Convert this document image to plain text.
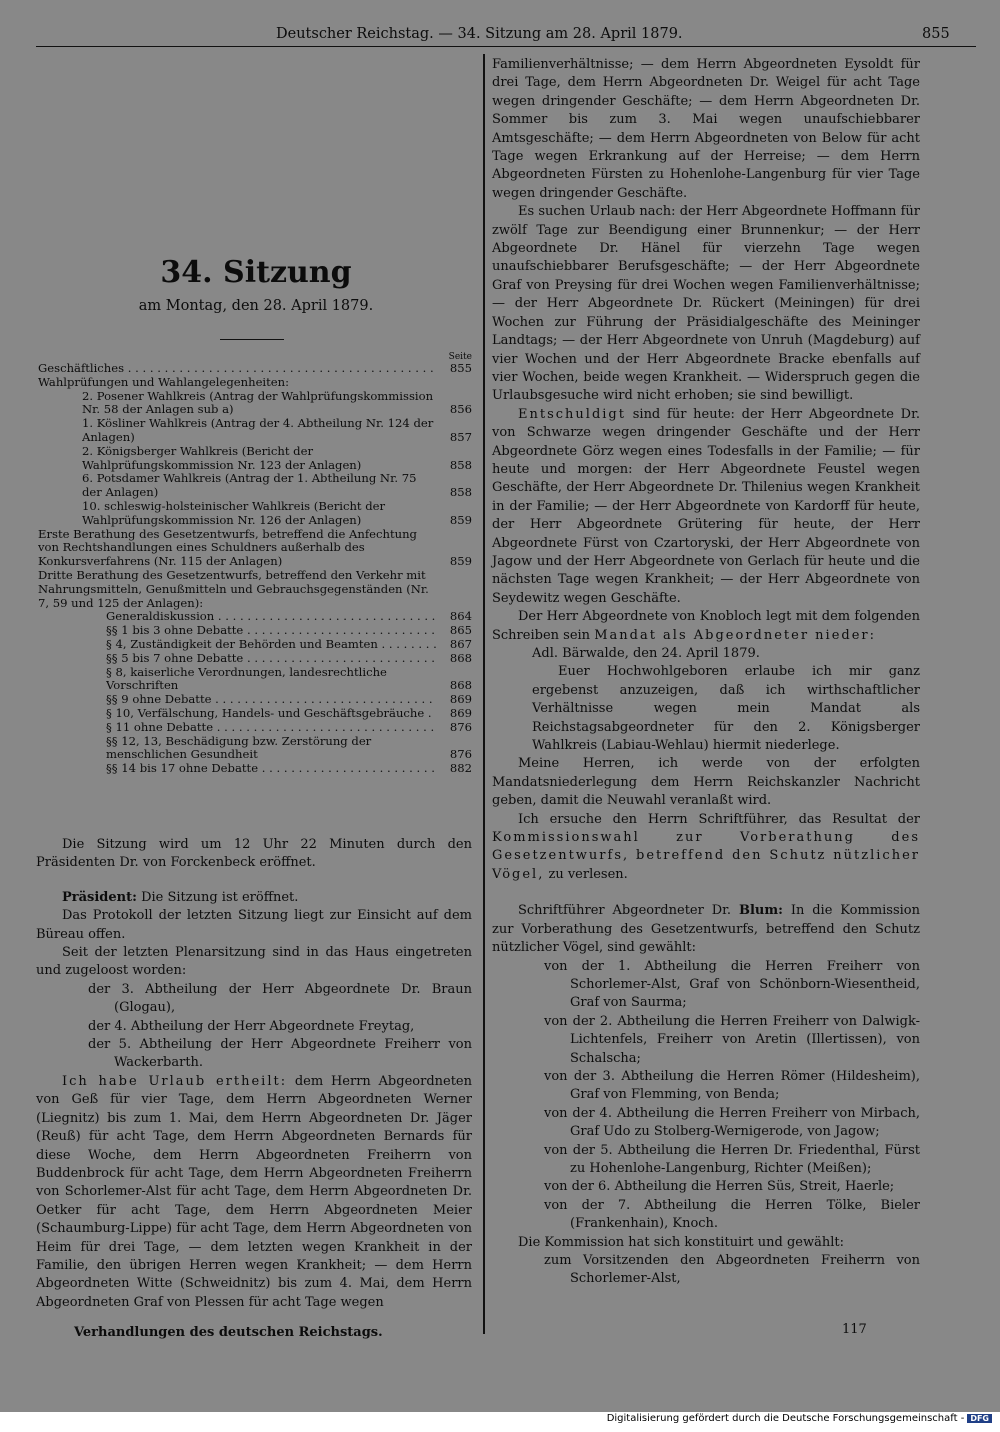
Deutscher Reichstag. — 34. Sitzung am 28. April 1879.	855
34. Sitzung
am Montag, den 28. April 1879.
Seite
Geschäftliches . . .	855
Wahlprüfungen und Wahlangelegenheiten:
2. Posener Wahlkreis (Antrag der Wahlprüfungskommission Nr. 58 der Anlagen sub a)	856
1. Kösliner Wahlkreis (Antrag der 4. Abtheilung Nr. 124 der Anlagen)	857
2. Königsberger Wahlkreis (Bericht der Wahlprüfungskommission Nr. 123 der Anlagen)	858
6. Potsdamer Wahlkreis (Antrag der 1. Abtheilung Nr. 75 der Anlagen)	858
10. schleswig-holsteinischer Wahlkreis (Bericht der Wahlprüfungskommission Nr. 126 der Anlagen)	859
Erste Berathung des Gesetzentwurfs, betreffend die Anfechtung von Rechtshandlungen eines Schuldners außerhalb des Konkursverfahrens (Nr. 115 der Anlagen)	859
Dritte Berathung des Gesetzentwurfs, betreffend den Verkehr mit Nahrungsmitteln, Genußmitteln und Gebrauchsgegenständen (Nr. 7, 59 und 125 der Anlagen):
Generaldiskussion . . .	864
§§ 1 bis 3 ohne Debatte . . .	865
§ 4, Zuständigkeit der Behörden und Beamten . . .	867
§§ 5 bis 7 ohne Debatte . . .	868
§ 8, kaiserliche Verordnungen, landesrechtliche Vorschriften	868
§§ 9 ohne Debatte . . .	869
§ 10, Verfälschung, Handels- und Geschäftsgebräuche . . .	869
§ 11 ohne Debatte . . .	876
§§ 12, 13, Beschädigung bzw. Zerstörung der menschlichen Gesundheit	876
§§ 14 bis 17 ohne Debatte . . .	882

Die Sitzung wird um 12 Uhr 22 Minuten durch den Präsidenten Dr. von Forckenbeck eröffnet.

Präsident: Die Sitzung ist eröffnet.

Das Protokoll der letzten Sitzung liegt zur Einsicht auf dem Büreau offen.

Seit der letzten Plenarsitzung sind in das Haus eingetreten und zugeloost worden:

der 3. Abtheilung der Herr Abgeordnete Dr. Braun (Glogau),

der 4. Abtheilung der Herr Abgeordnete Freytag,

der 5. Abtheilung der Herr Abgeordnete Freiherr von Wackerbarth.

Ich habe Urlaub ertheilt: dem Herrn Abgeordneten von Geß für vier Tage, dem Herrn Abgeordneten Werner (Liegnitz) bis zum 1. Mai, dem Herrn Abgeordneten Dr. Jäger (Reuß) für acht Tage, dem Herrn Abgeordneten Bernards für diese Woche, dem Herrn Abgeordneten Freiherrn von Buddenbrock für acht Tage, dem Herrn Abgeordneten Freiherrn von Schorlemer-Alst für acht Tage, dem Herrn Abgeordneten Dr. Oetker für acht Tage, dem Herrn Abgeordneten Meier (Schaumburg-Lippe) für acht Tage, dem Herrn Abgeordneten von Heim für drei Tage, — dem letzten wegen Krankheit in der Familie, den übrigen Herren wegen Krankheit; — dem Herrn Abgeordneten Witte (Schweidnitz) bis zum 4. Mai, dem Herrn Abgeordneten Graf von Plessen für acht Tage wegen

Familienverhältnisse; — dem Herrn Abgeordneten Eysoldt für drei Tage, dem Herrn Abgeordneten Dr. Weigel für acht Tage wegen dringender Geschäfte; — dem Herrn Abgeordneten Dr. Sommer bis zum 3. Mai wegen unaufschiebbarer Amtsgeschäfte; — dem Herrn Abgeordneten von Below für acht Tage wegen Erkrankung auf der Herreise; — dem Herrn Abgeordneten Fürsten zu Hohenlohe-Langenburg für vier Tage wegen dringender Geschäfte.

Es suchen Urlaub nach: der Herr Abgeordnete Hoffmann für zwölf Tage zur Beendigung einer Brunnenkur; — der Herr Abgeordnete Dr. Hänel für vierzehn Tage wegen unaufschiebbarer Berufsgeschäfte; — der Herr Abgeordnete Graf von Preysing für drei Wochen wegen Familienverhältnisse; — der Herr Abgeordnete Dr. Rückert (Meiningen) für drei Wochen zur Führung der Präsidialgeschäfte des Meininger Landtags; — der Herr Abgeordnete von Unruh (Magdeburg) auf vier Wochen und der Herr Abgeordnete Bracke ebenfalls auf vier Wochen, beide wegen Krankheit. — Widerspruch gegen die Urlaubsgesuche wird nicht erhoben; sie sind bewilligt.

Entschuldigt sind für heute: der Herr Abgeordnete Dr. von Schwarze wegen dringender Geschäfte und der Herr Abgeordnete Görz wegen eines Todesfalls in der Familie; — für heute und morgen: der Herr Abgeordnete Feustel wegen Geschäfte, der Herr Abgeordnete Dr. Thilenius wegen Krankheit in der Familie; — der Herr Abgeordnete von Kardorff für heute, der Herr Abgeordnete Grütering für heute, der Herr Abgeordnete Fürst von Czartoryski, der Herr Abgeordnete von Jagow und der Herr Abgeordnete von Gerlach für heute und die nächsten Tage wegen Krankheit; — der Herr Abgeordnete von Seydewitz wegen Geschäfte.

Der Herr Abgeordnete von Knobloch legt mit dem folgenden Schreiben sein Mandat als Abgeordneter nieder:

Adl. Bärwalde, den 24. April 1879.

Euer Hochwohlgeboren erlaube ich mir ganz ergebenst anzuzeigen, daß ich wirthschaftlicher Verhältnisse wegen mein Mandat als Reichstagsabgeordneter für den 2. Königsberger Wahlkreis (Labiau-Wehlau) hiermit niederlege.

Meine Herren, ich werde von der erfolgten Mandatsniederlegung dem Herrn Reichskanzler Nachricht geben, damit die Neuwahl veranlaßt wird.

Ich ersuche den Herrn Schriftführer, das Resultat der Kommissionswahl zur Vorberathung des Gesetzentwurfs, betreffend den Schutz nützlicher Vögel, zu verlesen.

Schriftführer Abgeordneter Dr. Blum: In die Kommission zur Vorberathung des Gesetzentwurfs, betreffend den Schutz nützlicher Vögel, sind gewählt:

von der 1. Abtheilung die Herren Freiherr von Schorlemer-Alst, Graf von Schönborn-Wiesentheid, Graf von Saurma;

von der 2. Abtheilung die Herren Freiherr von Dalwigk-Lichtenfels, Freiherr von Aretin (Illertissen), von Schalscha;

von der 3. Abtheilung die Herren Römer (Hildesheim), Graf von Flemming, von Benda;

von der 4. Abtheilung die Herren Freiherr von Mirbach, Graf Udo zu Stolberg-Wernigerode, von Jagow;

von der 5. Abtheilung die Herren Dr. Friedenthal, Fürst zu Hohenlohe-Langenburg, Richter (Meißen);

von der 6. Abtheilung die Herren Süs, Streit, Haerle;

von der 7. Abtheilung die Herren Tölke, Bieler (Frankenhain), Knoch.

Die Kommission hat sich konstituirt und gewählt:

zum Vorsitzenden den Abgeordneten Freiherrn von Schorlemer-Alst,

Verhandlungen des deutschen Reichstags.	117
Digitalisierung gefördert durch die Deutsche Forschungsgemeinschaft - DFG
